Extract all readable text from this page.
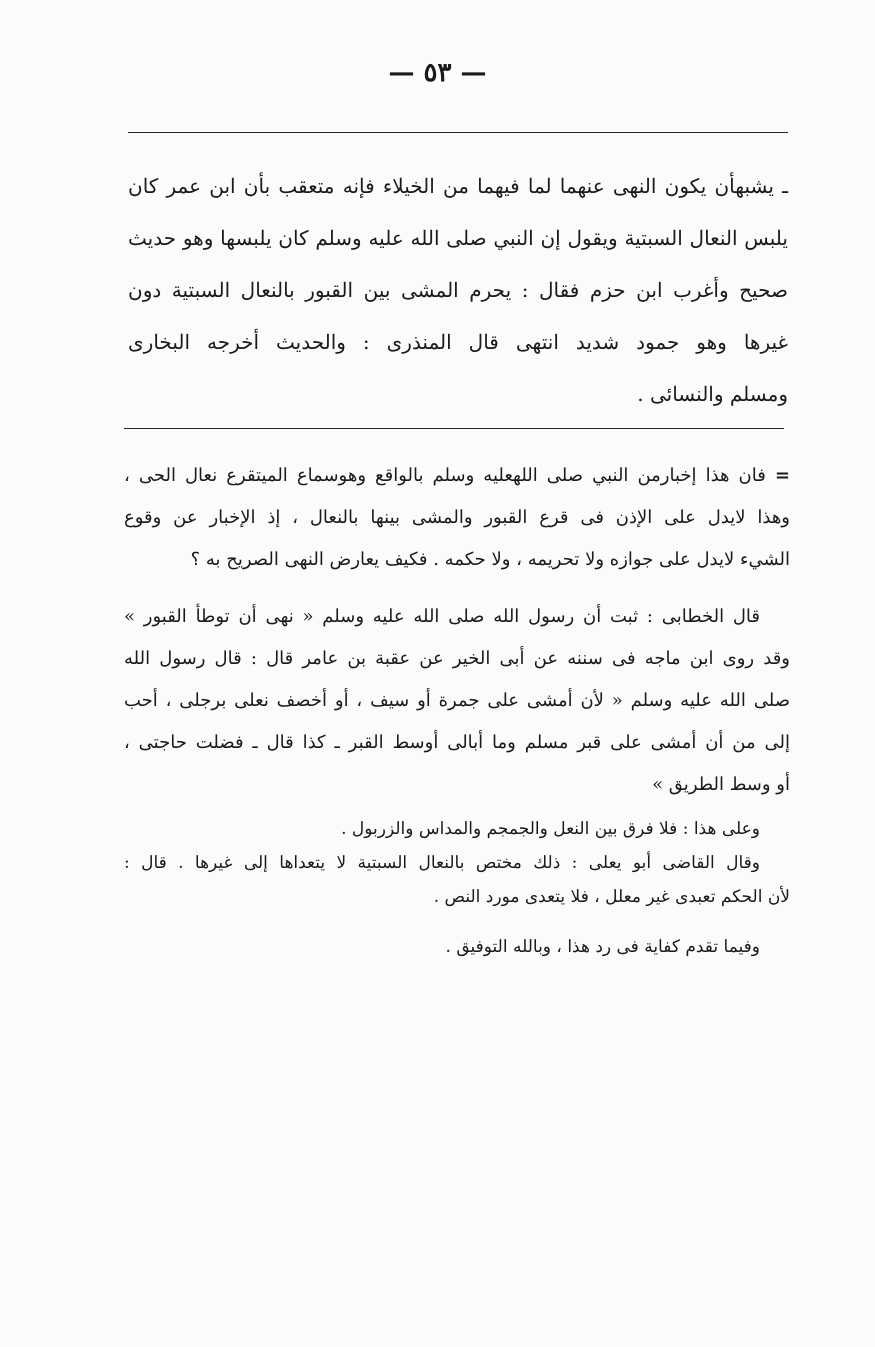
— ٥٣ —
ـ يشبهأن يكون النهى عنهما لما فيهما من الخيلاء فإنه متعقب بأن ابن عمر كان
يلبس النعال السبتية ويقول إن النبي صلى الله عليه وسلم كان يلبسها وهو حديث
صحيح وأغرب ابن حزم فقال : يحرم المشى بين القبور بالنعال السبتية دون
غيرها وهو جمود شديد انتهى قال المنذرى : والحديث أخرجه البخارى
ومسلم والنسائى .
= فان هذا إخبارمن النبي صلى اللهعليه وسلم بالواقع وهوسماع الميتقرع نعال الحى ،
وهذا لايدل على الإذن فى قرع القبور والمشى بينها بالنعال ، إذ الإخبار عن وقوع
الشيء لايدل على جوازه ولا تحريمه ، ولا حكمه . فكيف يعارض النهى الصريح به ؟
قال الخطابى : ثبت أن رسول الله صلى الله عليه وسلم « نهى أن توطأ القبور »
وقد روى ابن ماجه فى سننه عن أبى الخير عن عقبة بن عامر قال : قال رسول الله
صلى الله عليه وسلم « لأن أمشى على جمرة أو سيف ، أو أخصف نعلى برجلى ، أحب
إلى من أن أمشى على قبر مسلم وما أبالى أوسط القبر ـ كذا قال ـ فضلت حاجتى ،
أو وسط الطريق »
وعلى هذا : فلا فرق بين النعل والجمجم والمداس والزربول .
وقال القاضى أبو يعلى : ذلك مختص بالنعال السبتية لا يتعداها إلى غيرها . قال :
لأن الحكم تعبدى غير معلل ، فلا يتعدى مورد النص .
وفيما تقدم كفاية فى رد هذا ، وبالله التوفيق .
